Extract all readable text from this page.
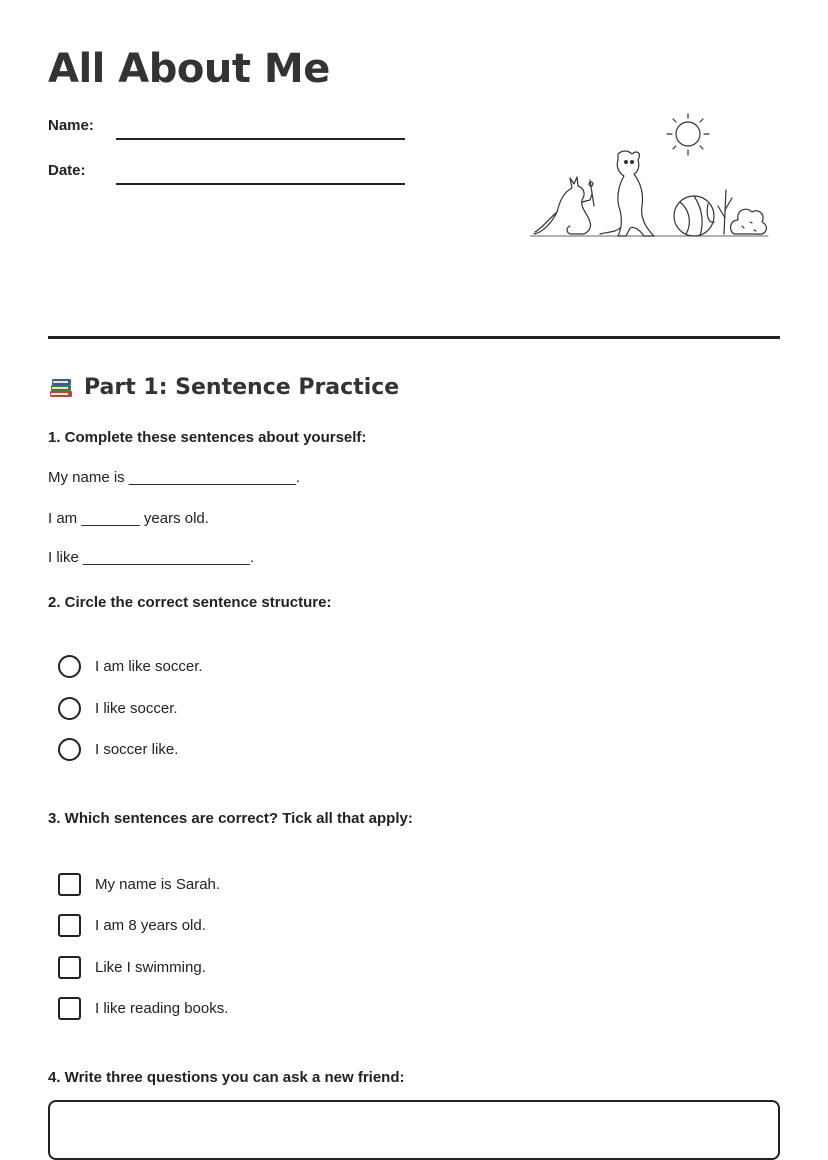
All About Me
Name:
Date:
Part 1: Sentence Practice
1. Complete these sentences about yourself:
My name is ____________________.
I am _______ years old.
I like ____________________.
2. Circle the correct sentence structure:
I am like soccer.
I like soccer.
I soccer like.
3. Which sentences are correct? Tick all that apply:
My name is Sarah.
I am 8 years old.
Like I swimming.
I like reading books.
4. Write three questions you can ask a new friend:
